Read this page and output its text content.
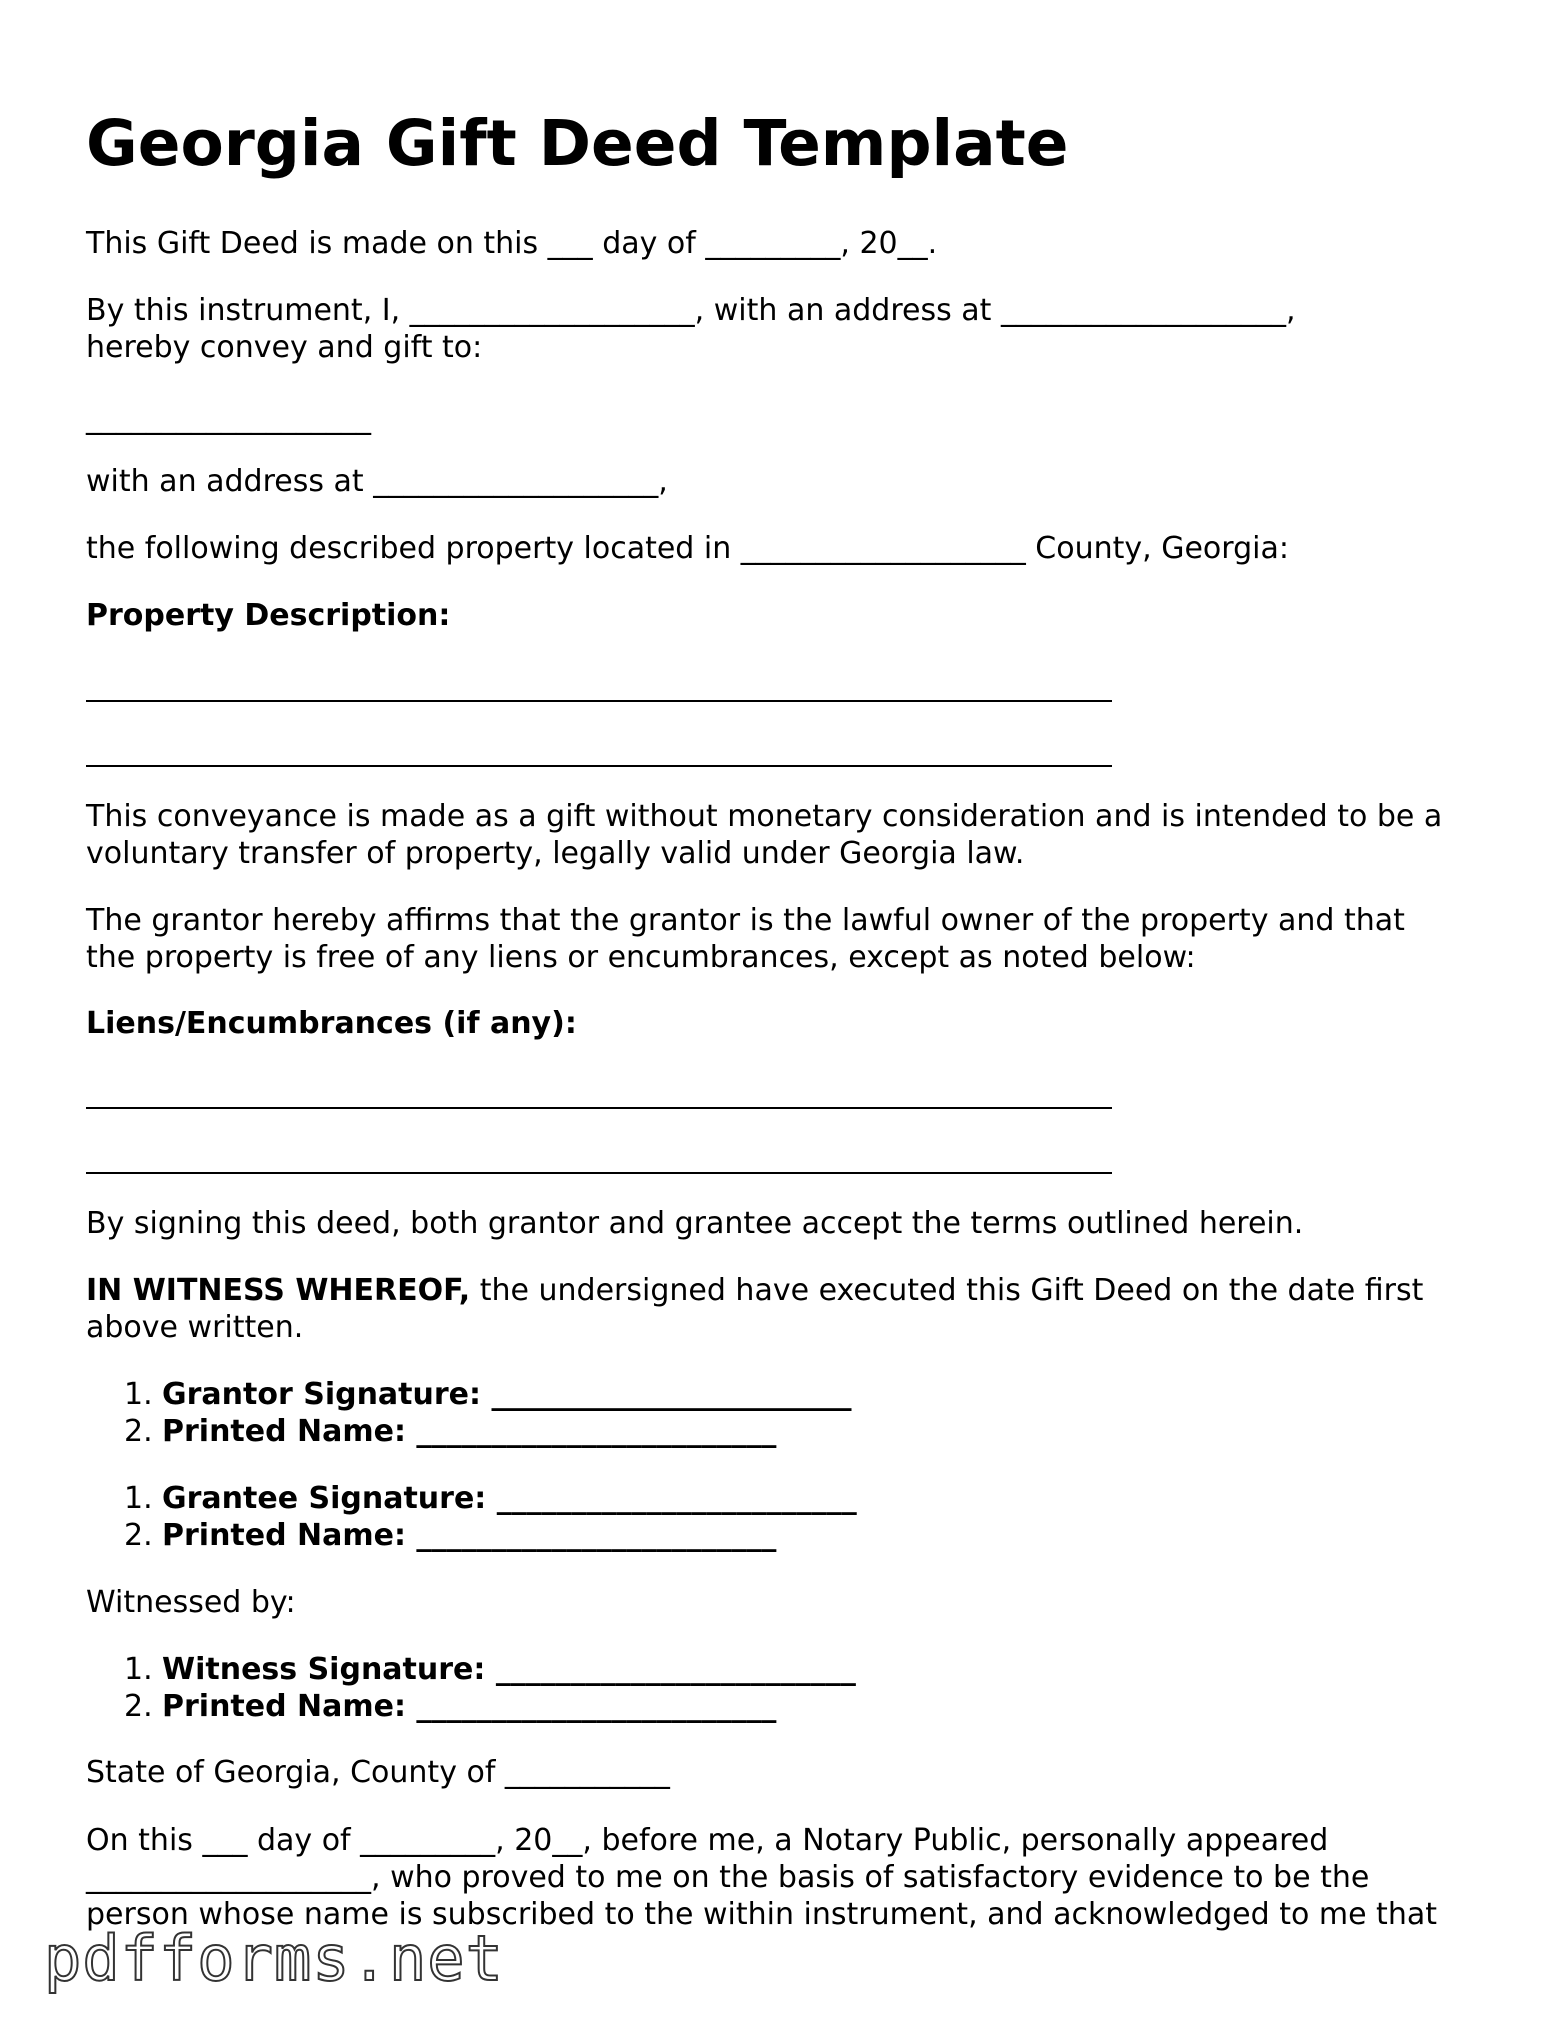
Georgia Gift Deed Template

This Gift Deed is made on this ___ day of _________, 20__.

By this instrument, I, ___________________, with an address at ___________________,

hereby convey and gift to:

___________________

with an address at ___________________,

the following described property located in ___________________ County, Georgia:

Property Description:

This conveyance is made as a gift without monetary consideration and is intended to be a

voluntary transfer of property, legally valid under Georgia law.

The grantor hereby affirms that the grantor is the lawful owner of the property and that

the property is free of any liens or encumbrances, except as noted below:

Liens/Encumbrances (if any):

By signing this deed, both grantor and grantee accept the terms outlined herein.

IN WITNESS WHEREOF, the undersigned have executed this Gift Deed on the date first

above written.

1. Grantor Signature: ________________________
2. Printed Name: ________________________
1. Grantee Signature: ________________________
2. Printed Name: ________________________

Witnessed by:

1. Witness Signature: ________________________
2. Printed Name: ________________________

State of Georgia, County of ___________

On this ___ day of _________, 20__, before me, a Notary Public, personally appeared

___________________, who proved to me on the basis of satisfactory evidence to be the

person whose name is subscribed to the within instrument, and acknowledged to me that

pdfforms.net
